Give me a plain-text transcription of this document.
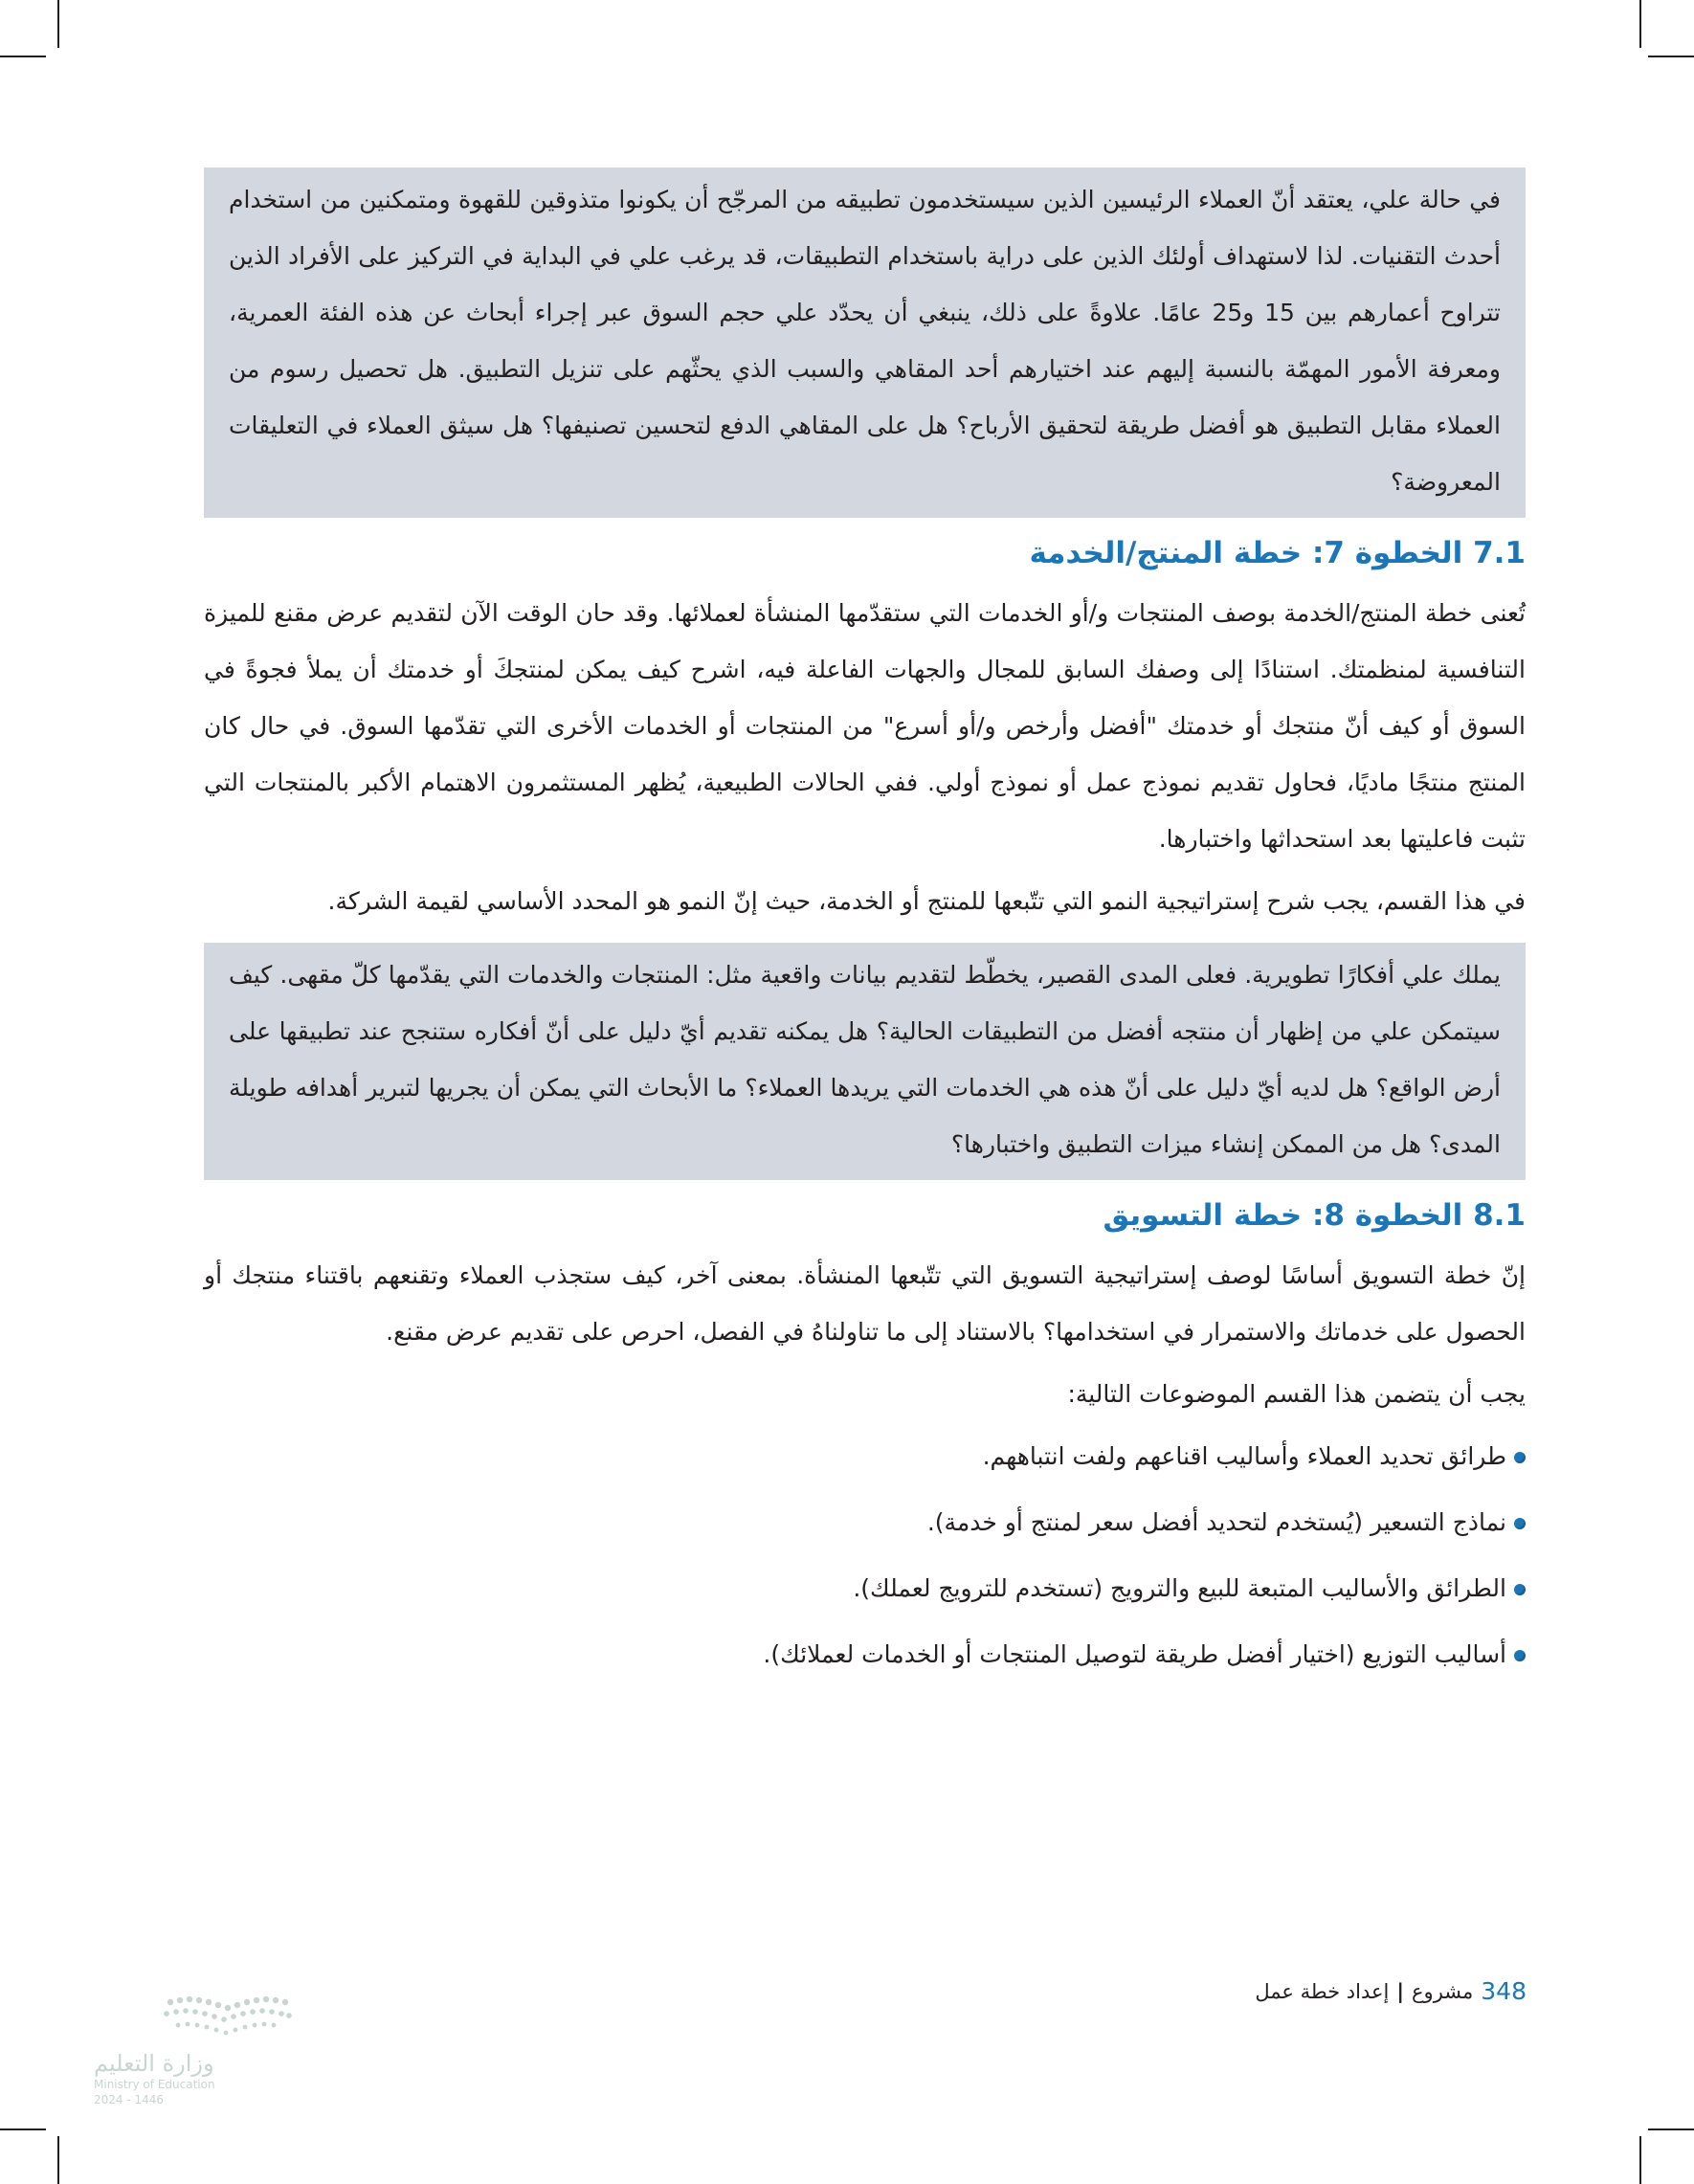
في حالة علي، يعتقد أنّ العملاء الرئيسين الذين سيستخدمون تطبيقه من المرجّح أن يكونوا متذوقين للقهوة ومتمكنين من استخدام أحدث التقنيات. لذا لاستهداف أولئك الذين على دراية باستخدام التطبيقات، قد يرغب علي في البداية في التركيز على الأفراد الذين تتراوح أعمارهم بين 15 و25 عامًا. علاوةً على ذلك، ينبغي أن يحدّد علي حجم السوق عبر إجراء أبحاث عن هذه الفئة العمرية، ومعرفة الأمور المهمّة بالنسبة إليهم عند اختيارهم أحد المقاهي والسبب الذي يحثّهم على تنزيل التطبيق. هل تحصيل رسوم من العملاء مقابل التطبيق هو أفضل طريقة لتحقيق الأرباح؟ هل على المقاهي الدفع لتحسين تصنيفها؟ هل سيثق العملاء في التعليقات المعروضة؟

7.1 الخطوة 7: خطة المنتج/الخدمة

تُعنى خطة المنتج/الخدمة بوصف المنتجات و/أو الخدمات التي ستقدّمها المنشأة لعملائها. وقد حان الوقت الآن لتقديم عرض مقنع للميزة التنافسية لمنظمتك. استنادًا إلى وصفك السابق للمجال والجهات الفاعلة فيه، اشرح كيف يمكن لمنتجكَ أو خدمتك أن يملأ فجوةً في السوق أو كيف أنّ منتجك أو خدمتك "أفضل وأرخص و/أو أسرع" من المنتجات أو الخدمات الأخرى التي تقدّمها السوق. في حال كان المنتج منتجًا ماديًا، فحاول تقديم نموذج عمل أو نموذج أولي. ففي الحالات الطبيعية، يُظهر المستثمرون الاهتمام الأكبر بالمنتجات التي تثبت فاعليتها بعد استحداثها واختبارها.

في هذا القسم، يجب شرح إستراتيجية النمو التي تتّبعها للمنتج أو الخدمة، حيث إنّ النمو هو المحدد الأساسي لقيمة الشركة.

يملك علي أفكارًا تطويرية. فعلى المدى القصير، يخطّط لتقديم بيانات واقعية مثل: المنتجات والخدمات التي يقدّمها كلّ مقهى. كيف سيتمكن علي من إظهار أن منتجه أفضل من التطبيقات الحالية؟ هل يمكنه تقديم أيّ دليل على أنّ أفكاره ستنجح عند تطبيقها على أرض الواقع؟ هل لديه أيّ دليل على أنّ هذه هي الخدمات التي يريدها العملاء؟ ما الأبحاث التي يمكن أن يجريها لتبرير أهدافه طويلة المدى؟ هل من الممكن إنشاء ميزات التطبيق واختبارها؟

8.1 الخطوة 8: خطة التسويق

إنّ خطة التسويق أساسًا لوصف إستراتيجية التسويق التي تتّبعها المنشأة. بمعنى آخر، كيف ستجذب العملاء وتقنعهم باقتناء منتجك أو الحصول على خدماتك والاستمرار في استخدامها؟ بالاستناد إلى ما تناولناهُ في الفصل، احرص على تقديم عرض مقنع.

يجب أن يتضمن هذا القسم الموضوعات التالية:

طرائق تحديد العملاء وأساليب اقناعهم ولفت انتباههم.
نماذج التسعير (يُستخدم لتحديد أفضل سعر لمنتج أو خدمة).
الطرائق والأساليب المتبعة للبيع والترويج (تستخدم للترويج لعملك).
أساليب التوزيع (اختيار أفضل طريقة لتوصيل المنتجات أو الخدمات لعملائك).
348
مشروع
|
إعداد خطة عمل
وزارة التعليم
Ministry of Education
2024 - 1446
